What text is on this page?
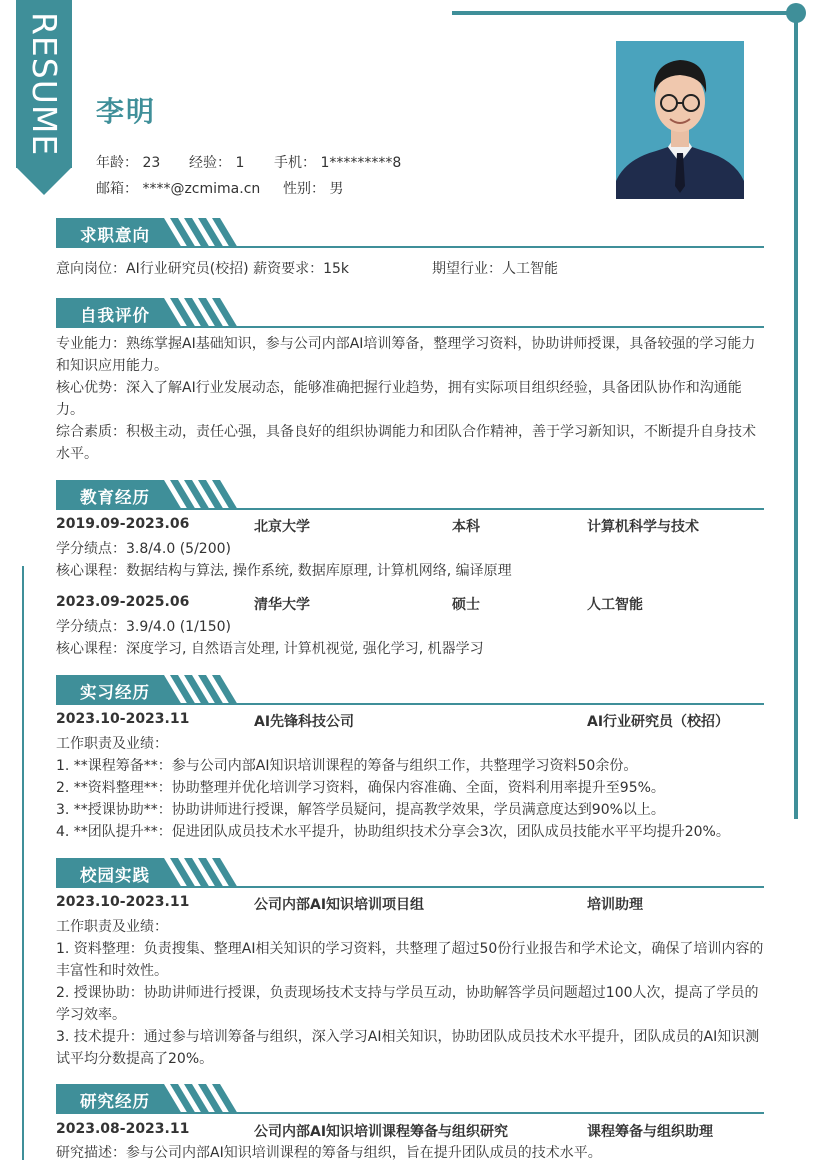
RESUME 李明
年龄： 23 经验： 1 手机： 1*********8
邮箱： ****@zcmima.cn 性别： 男
求职意向
意向岗位：AI行业研究员(校招) 薪资要求：15k	期望行业：人工智能
自我评价
专业能力：熟练掌握AI基础知识，参与公司内部AI培训筹备，整理学习资料，协助讲师授课，具备较强的学习能力和知识应用能力。
核心优势：深入了解AI行业发展动态，能够准确把握行业趋势，拥有实际项目组织经验，具备团队协作和沟通能力。
综合素质：积极主动，责任心强，具备良好的组织协调能力和团队合作精神，善于学习新知识，不断提升自身技术水平。
教育经历
2019.09-2023.06	北京大学	本科	计算机科学与技术
学分绩点：3.8/4.0 (5/200)
核心课程：数据结构与算法, 操作系统, 数据库原理, 计算机网络, 编译原理
2023.09-2025.06	清华大学	硕士	人工智能
学分绩点：3.9/4.0 (1/150)
核心课程：深度学习, 自然语言处理, 计算机视觉, 强化学习, 机器学习
实习经历
2023.10-2023.11	AI先锋科技公司	AI行业研究员（校招）
工作职责及业绩：
1. **课程筹备**：参与公司内部AI知识培训课程的筹备与组织工作，共整理学习资料50余份。
2. **资料整理**：协助整理并优化培训学习资料，确保内容准确、全面，资料利用率提升至95%。
3. **授课协助**：协助讲师进行授课，解答学员疑问，提高教学效果，学员满意度达到90%以上。
4. **团队提升**：促进团队成员技术水平提升，协助组织技术分享会3次，团队成员技能水平平均提升20%。
校园实践
2023.10-2023.11	公司内部AI知识培训项目组	培训助理
工作职责及业绩：
1. 资料整理：负责搜集、整理AI相关知识的学习资料，共整理了超过50份行业报告和学术论文，确保了培训内容的丰富性和时效性。
2. 授课协助：协助讲师进行授课，负责现场技术支持与学员互动，协助解答学员问题超过100人次，提高了学员的学习效率。
3. 技术提升：通过参与培训筹备与组织，深入学习AI相关知识，协助团队成员技术水平提升，团队成员的AI知识测试平均分数提高了20%。
研究经历
2023.08-2023.11	公司内部AI知识培训课程筹备与组织研究	课程筹备与组织助理
研究描述：参与公司内部AI知识培训课程的筹备与组织，旨在提升团队成员的技术水平。
